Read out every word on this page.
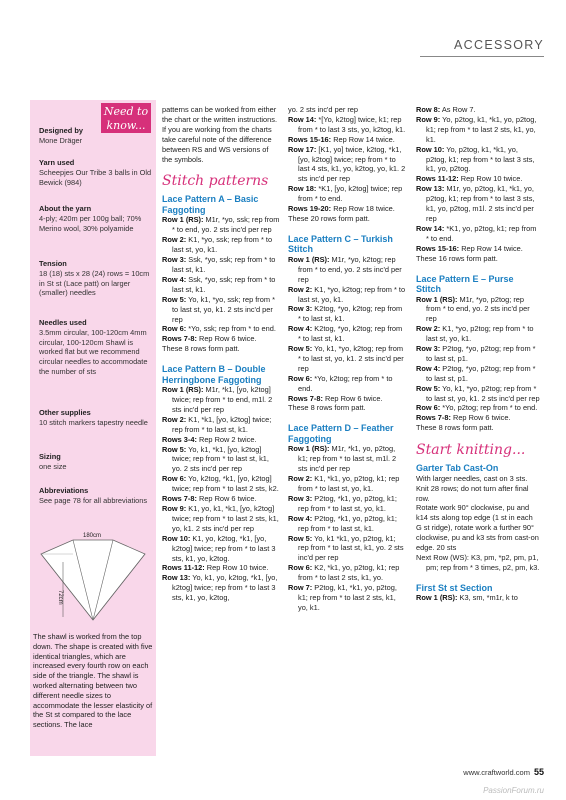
ACCESSORY
Need to know...
Designed by
Mone Dräger
Yarn used
Scheepjes Our Tribe 3 balls in Old Bewick (984)
About the yarn
4-ply; 420m per 100g ball; 70% Merino wool, 30% polyamide
Tension
18 (18) sts x 28 (24) rows = 10cm in St st (Lace patt) on larger (smaller) needles
Needles used
3.5mm circular, 100-120cm 4mm circular, 100-120cm Shawl is worked flat but we recommend circular needles to accommodate the number of sts
Other supplies
10 stitch markers tapestry needle
Sizing
one size
Abbreviations
See page 78 for all abbreviations
180cm
72cm
The shawl is worked from the top down. The shape is created with five identical triangles, which are increased every fourth row on each side of the triangle. The shawl is worked alternating between two different needle sizes to accommodate the lesser elasticity of the St st compared to the lace sections. The lace

patterns can be worked from either the chart or the written instructions. If you are working from the charts take careful note of the difference between RS and WS versions of the symbols.

Stitch patterns

Lace Pattern A – Basic Faggoting

Row 1 (RS): M1r, *yo, ssk; rep from * to end, yo. 2 sts inc'd per rep

Row 2: K1, *yo, ssk; rep from * to last st, yo, k1.

Row 3: Ssk, *yo, ssk; rep from * to last st, k1.

Row 4: Ssk, *yo, ssk; rep from * to last st, k1.

Row 5: Yo, k1, *yo, ssk; rep from * to last st, yo, k1. 2 sts inc'd per rep

Row 6: *Yo, ssk; rep from * to end.

Rows 7-8: Rep Row 6 twice.

These 8 rows form patt.

Lace Pattern B – Double Herringbone Faggoting

Row 1 (RS): M1r, *k1, [yo, k2tog] twice; rep from * to end, m1l. 2 sts inc'd per rep

Row 2: K1, *k1, [yo, k2tog] twice; rep from * to last st, k1.

Rows 3-4: Rep Row 2 twice.

Row 5: Yo, k1, *k1, [yo, k2tog] twice; rep from * to last st, k1, yo. 2 sts inc'd per rep

Row 6: Yo, k2tog, *k1, [yo, k2tog] twice; rep from * to last 2 sts, k2.

Rows 7-8: Rep Row 6 twice.

Row 9: K1, yo, k1, *k1, [yo, k2tog] twice; rep from * to last 2 sts, k1, yo, k1. 2 sts inc'd per rep

Row 10: K1, yo, k2tog, *k1, [yo, k2tog] twice; rep from * to last 3 sts, k1, yo, k2tog.

Rows 11-12: Rep Row 10 twice.

Row 13: Yo, k1, yo, k2tog, *k1, [yo, k2tog] twice; rep from * to last 3 sts, k1, yo, k2tog,

yo. 2 sts inc'd per rep

Row 14: *[Yo, k2tog] twice, k1; rep from * to last 3 sts, yo, k2tog, k1.

Rows 15-16: Rep Row 14 twice.

Row 17: [K1, yo] twice, k2tog, *k1, [yo, k2tog] twice; rep from * to last 4 sts, k1, yo, k2tog, yo, k1. 2 sts inc'd per rep

Row 18: *K1, [yo, k2tog] twice; rep from * to end.

Rows 19-20: Rep Row 18 twice.

These 20 rows form patt.

Lace Pattern C – Turkish Stitch

Row 1 (RS): M1r, *yo, k2tog; rep from * to end, yo. 2 sts inc'd per rep

Row 2: K1, *yo, k2tog; rep from * to last st, yo, k1.

Row 3: K2tog, *yo, k2tog; rep from * to last st, k1.

Row 4: K2tog, *yo, k2tog; rep from * to last st, k1.

Row 5: Yo, k1, *yo, k2tog; rep from * to last st, yo, k1. 2 sts inc'd per rep

Row 6: *Yo, k2tog; rep from * to end.

Rows 7-8: Rep Row 6 twice.

These 8 rows form patt.

Lace Pattern D – Feather Faggoting

Row 1 (RS): M1r, *k1, yo, p2tog, k1; rep from * to last st, m1l. 2 sts inc'd per rep

Row 2: K1, *k1, yo, p2tog, k1; rep from * to last st, yo, k1.

Row 3: P2tog, *k1, yo, p2tog, k1; rep from * to last st, yo, k1.

Row 4: P2tog, *k1, yo, p2tog, k1; rep from * to last st, k1.

Row 5: Yo, k1 *k1, yo, p2tog, k1; rep from * to last st, k1, yo. 2 sts inc'd per rep

Row 6: K2, *k1, yo, p2tog, k1; rep from * to last 2 sts, k1, yo.

Row 7: P2tog, k1, *k1, yo, p2tog, k1; rep from * to last 2 sts, k1, yo, k1.

Row 8: As Row 7.

Row 9: Yo, p2tog, k1, *k1, yo, p2tog, k1; rep from * to last 2 sts, k1, yo, k1.

Row 10: Yo, p2tog, k1, *k1, yo, p2tog, k1; rep from * to last 3 sts, k1, yo, p2tog.

Rows 11-12: Rep Row 10 twice.

Row 13: M1r, yo, p2tog, k1, *k1, yo, p2tog, k1; rep from * to last 3 sts, k1, yo, p2tog, m1l. 2 sts inc'd per rep

Row 14: *K1, yo, p2tog, k1; rep from * to end.

Rows 15-16: Rep Row 14 twice.

These 16 rows form patt.

Lace Pattern E – Purse Stitch

Row 1 (RS): M1r, *yo, p2tog; rep from * to end, yo. 2 sts inc'd per rep

Row 2: K1, *yo, p2tog; rep from * to last st, yo, k1.

Row 3: P2tog, *yo, p2tog; rep from * to last st, p1.

Row 4: P2tog, *yo, p2tog; rep from * to last st, p1.

Row 5: Yo, k1, *yo, p2tog; rep from * to last st, yo, k1. 2 sts inc'd per rep

Row 6: *Yo, p2tog; rep from * to end.

Rows 7-8: Rep Row 6 twice.

These 8 rows form patt.

Start knitting...

Garter Tab Cast-On

With larger needles, cast on 3 sts.

Knit 28 rows; do not turn after final row.

Rotate work 90° clockwise, pu and k14 sts along top edge (1 st in each G st ridge), rotate work a further 90° clockwise, pu and k3 sts from cast-on edge. 20 sts

Next Row (WS): K3, pm, *p2, pm, p1, pm; rep from * 3 times, p2, pm, k3.

First St st Section

Row 1 (RS): K3, sm, *m1r, k to

www.craftworld.com 55
PassionForum.ru
